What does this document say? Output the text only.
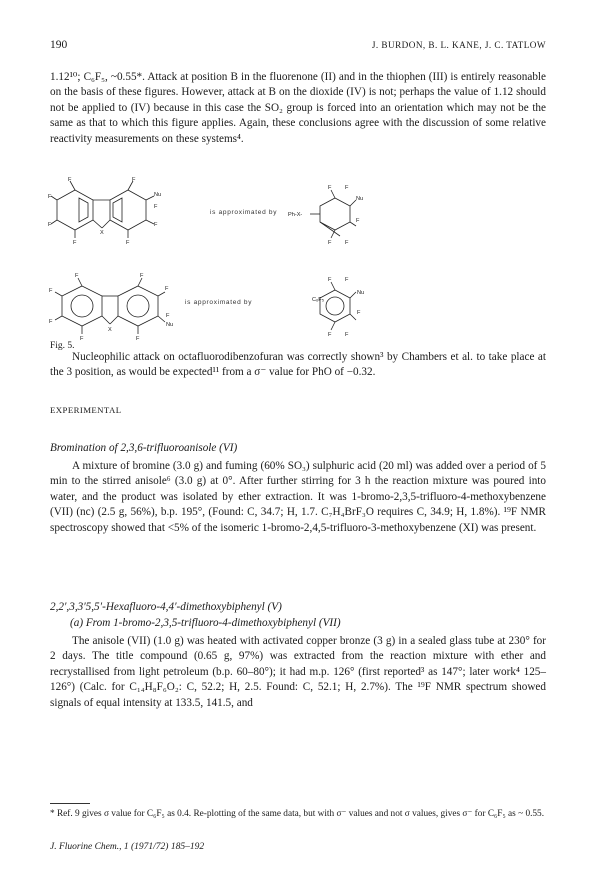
190	J. BURDON, B. L. KANE, J. C. TATLOW

1.12¹⁰; C₆F₅, ~0.55*. Attack at position B in the fluorenone (II) and in the thiophen (III) is entirely reasonable on the basis of these figures. However, attack at B on the dioxide (IV) is not; perhaps the value of 1.12 should not be applied to (IV) because in this case the SO₂ group is forced into an orientation which may not be the same as that to which this figure applies. Again, these conclusions agree with the discussion of some relative reactivity measurements on these systems⁴.

F	F
F
F
Nu
F
F
F
X
F
is approximated by Ph-X-
F F
Nu
F
F F
F	F
F
F
F
F
Nu
F
X
F
is approximated by	C₆F₅
F F
Nu
F
F F

Fig. 5.

Nucleophilic attack on octafluorodibenzofuran was correctly shown³ by Chambers et al. to take place at the 3 position, as would be expected¹¹ from a σ⁻ value for PhO of −0.32.

EXPERIMENTAL

Bromination of 2,3,6-trifluoroanisole (VI)

A mixture of bromine (3.0 g) and fuming (60% SO₃) sulphuric acid (20 ml) was added over a period of 5 min to the stirred anisole⁶ (3.0 g) at 0°. After further stirring for 3 h the reaction mixture was poured into water, and the product was isolated by ether extraction. It was 1-bromo-2,3,5-trifluoro-4-methoxybenzene (VII) (nc) (2.5 g, 56%), b.p. 195°, (Found: C, 34.7; H, 1.7. C₇H₄BrF₃O requires C, 34.9; H, 1.8%). ¹⁹F NMR spectroscopy showed that <5% of the isomeric 1-bromo-2,4,5-trifluoro-3-methoxybenzene (XI) was present.

2,2′,3,3′5,5′-Hexafluoro-4,4′-dimethoxybiphenyl (V)

(a) From 1-bromo-2,3,5-trifluoro-4-dimethoxybiphenyl (VII)

The anisole (VII) (1.0 g) was heated with activated copper bronze (3 g) in a sealed glass tube at 230° for 2 days. The title compound (0.65 g, 97%) was extracted from the reaction mixture with ether and recrystallised from light petroleum (b.p. 60–80°); it had m.p. 126° (first reported³ as 147°; later work⁴ 125–126°) (Calc. for C₁₄H₈F₆O₂: C, 52.2; H, 2.5. Found: C, 52.1; H, 2.7%). The ¹⁹F NMR spectrum showed signals of equal intensity at 133.5, 141.5, and

* Ref. 9 gives σ value for C₆F₅ as 0.4. Re-plotting of the same data, but with σ⁻ values and not σ values, gives σ⁻ for C₆F₅ as ~ 0.55.

J. Fluorine Chem., 1 (1971/72) 185–192
